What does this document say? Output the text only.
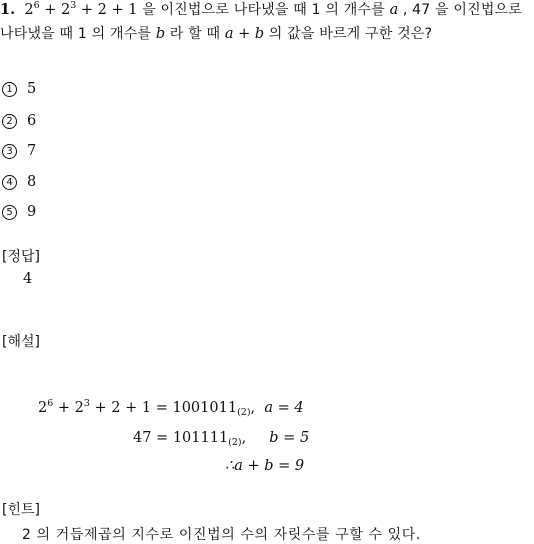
1.  $2^6 + 2^3 + 2 + 1$ 을 이진법으로 나타냈을 때 1 의 개수를 a , 47 을 이진법으로
나타냈을 때 1 의 개수를 b 라 할 때 a + b 의 값을 바르게 구한 것은?
1 5
2 6
3 7
4 8
5 9
[정답]
4
[해설]
$2^6 + 2^3 + 2 + 1 = 1001011_{(2)}$,  a = 4
$47 = 101111_{(2)}$,     b = 5
∴a + b = 9
[힌트]
2 의 거듭제곱의 지수로 이진법의 수의 자릿수를 구할 수 있다.
